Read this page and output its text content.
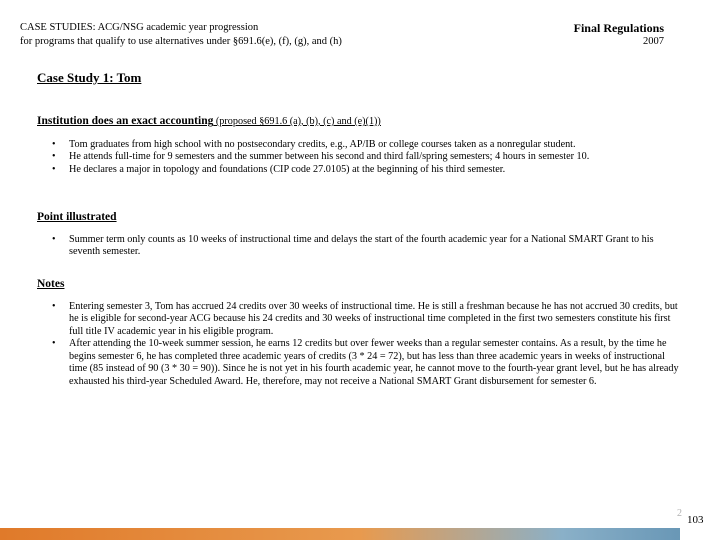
CASE STUDIES: ACG/NSG academic year progression
for programs that qualify to use alternatives under §691.6(e), (f), (g), and (h)
Final Regulations
2007
Case Study 1: Tom
Institution does an exact accounting (proposed §691.6 (a), (b), (c) and (e)(1))
• Tom graduates from high school with no postsecondary credits, e.g., AP/IB or college courses taken as a nonregular student.
• He attends full-time for 9 semesters and the summer between his second and third fall/spring semesters; 4 hours in semester 10.
• He declares a major in topology and foundations (CIP code 27.0105) at the beginning of his third semester.
Point illustrated
• Summer term only counts as 10 weeks of instructional time and delays the start of the fourth academic year for a National SMART Grant to his seventh semester.
Notes
• Entering semester 3, Tom has accrued 24 credits over 30 weeks of instructional time. He is still a freshman because he has not accrued 30 credits, but he is eligible for second-year ACG because his 24 credits and 30 weeks of instructional time completed in the first two semesters constitute his first full title IV academic year in his eligible program.
• After attending the 10-week summer session, he earns 12 credits but over fewer weeks than a regular semester contains. As a result, by the time he begins semester 6, he has completed three academic years of credits (3 * 24 = 72), but has less than three academic years in weeks of instructional time (85 instead of 90 (3 * 30 = 90)). Since he is not yet in his fourth academic year, he cannot move to the fourth-year grant level, but he has already exhausted his third-year Scheduled Award. He, therefore, may not receive a National SMART Grant disbursement for semester 6.
2
103
